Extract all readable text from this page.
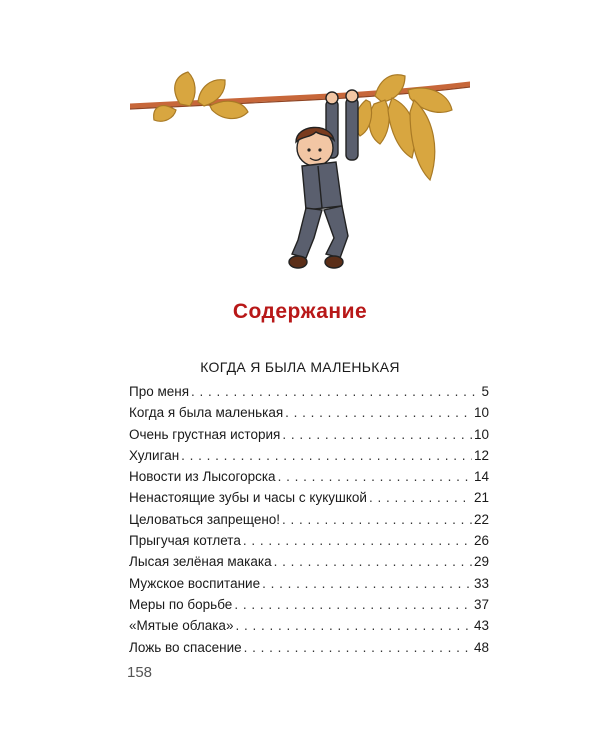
Содержание
КОГДА Я БЫЛА МАЛЕНЬКАЯ
Про меня . . .	5
Когда я была маленькая . . .	10
Очень грустная история . . .	10
Хулиган . . .	12
Новости из Лысогорска . . .	14
Ненастоящие зубы и часы с кукушкой . . .	21
Целоваться запрещено! . . .	22
Прыгучая котлета . . .	26
Лысая зелёная макака . . .	29
Мужское воспитание . . .	33
Меры по борьбе . . .	37
«Мятые облака» . . .	43
Ложь во спасение . . .	48
158
